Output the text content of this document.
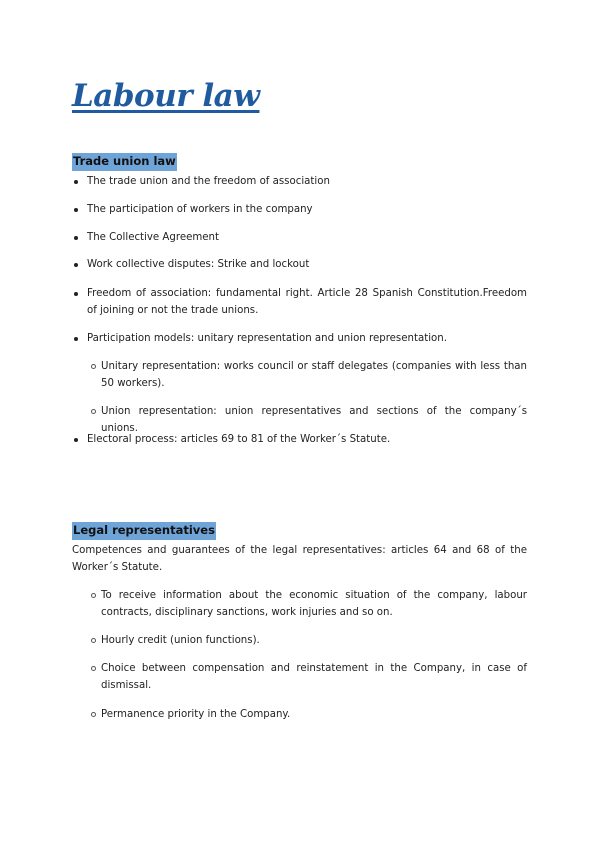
Labour law
Trade union law
The trade union and the freedom of association
The participation of workers in the company
The Collective Agreement
Work collective disputes: Strike and lockout
Freedom of association: fundamental right. Article 28 Spanish Constitution.Freedom of joining or not the trade unions.
Participation models: unitary representation and union representation.
Unitary representation: works council or staff delegates (companies with less than 50 workers).
Union representation: union representatives and sections of the company´s unions.
Electoral process: articles 69 to 81 of the Worker´s Statute.
Legal representatives
Competences and guarantees of the legal representatives: articles 64 and 68 of the Worker´s Statute.
To receive information about the economic situation of the company, labour contracts, disciplinary sanctions, work injuries and so on.
Hourly credit (union functions).
Choice between compensation and reinstatement in the Company, in case of dismissal.
Permanence priority in the Company.
